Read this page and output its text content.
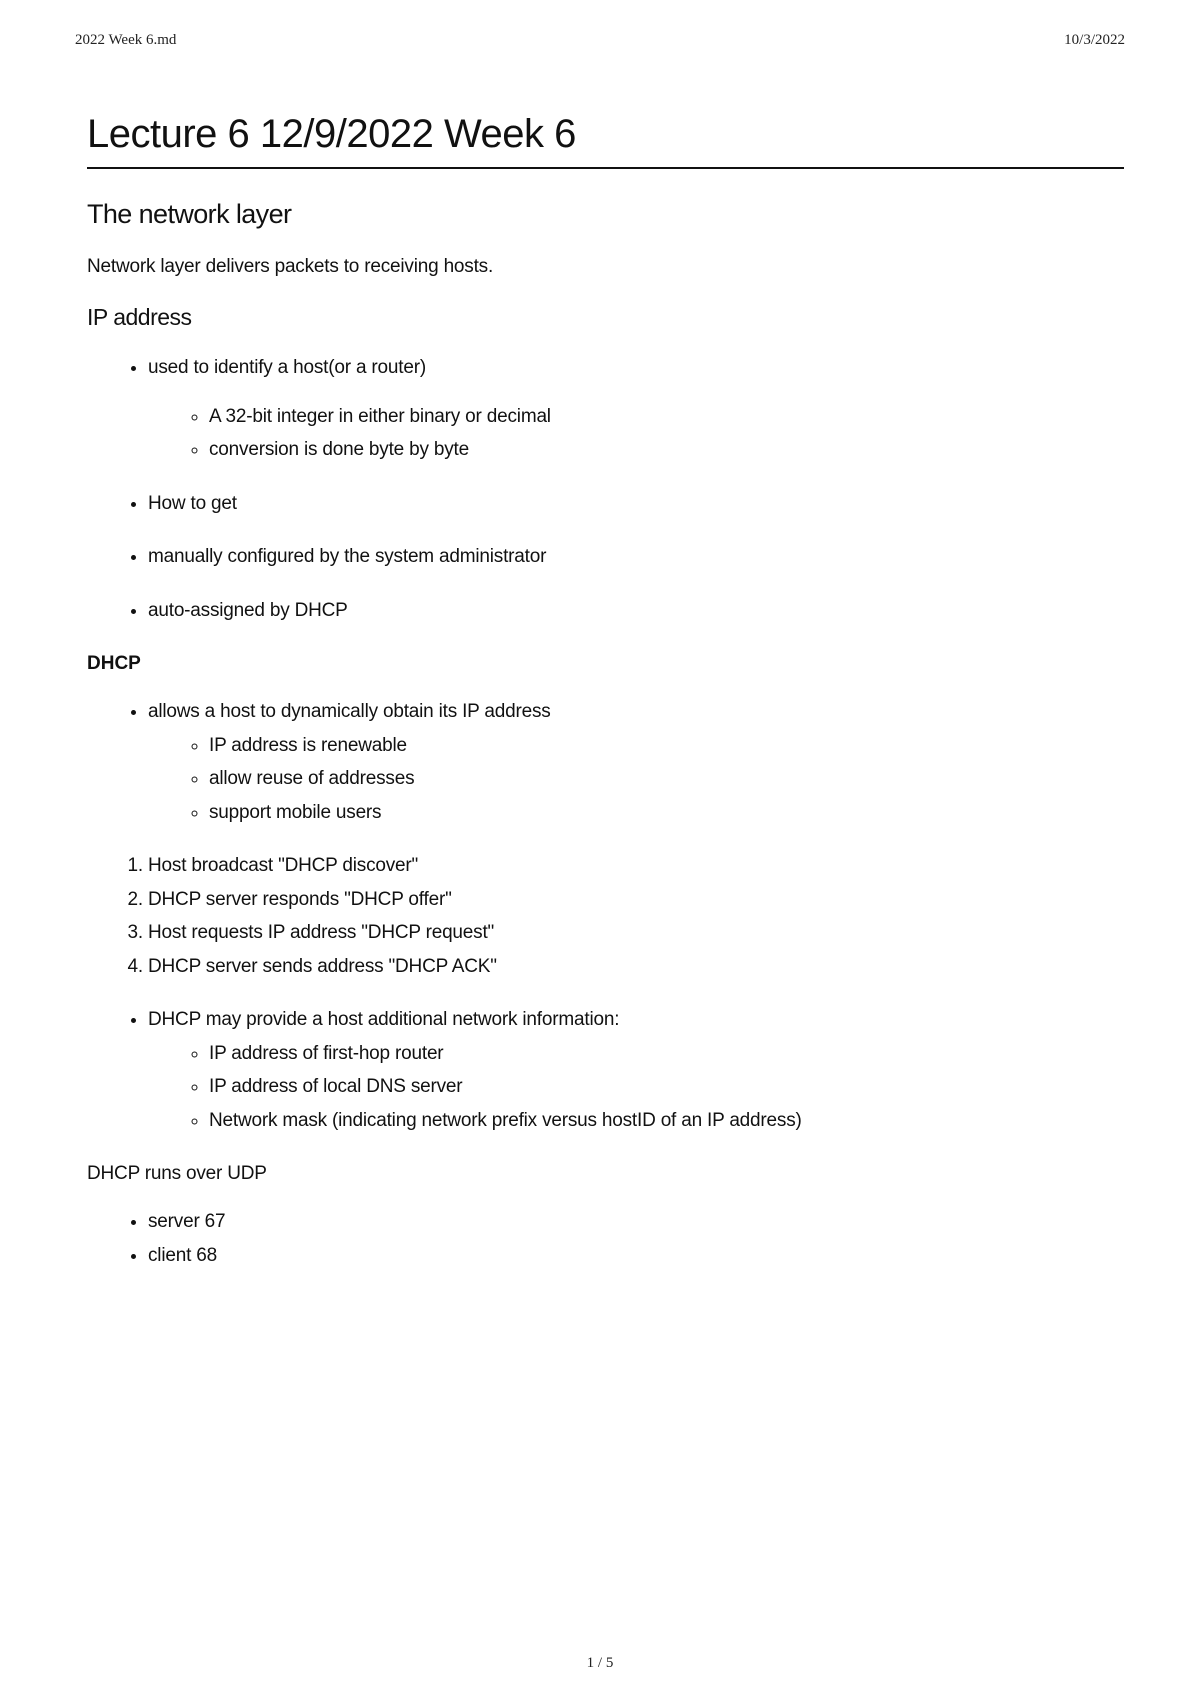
2022 Week 6.md	10/3/2022
Lecture 6 12/9/2022 Week 6
The network layer

Network layer delivers packets to receiving hosts.

IP address
• used to identify a host(or a router)
◦ A 32-bit integer in either binary or decimal
◦ conversion is done byte by byte
• How to get
• manually configured by the system administrator
• auto-assigned by DHCP
DHCP
• allows a host to dynamically obtain its IP address
◦ IP address is renewable
◦ allow reuse of addresses
◦ support mobile users
1. Host broadcast "DHCP discover"
2. DHCP server responds "DHCP offer"
3. Host requests IP address "DHCP request"
4. DHCP server sends address "DHCP ACK"
• DHCP may provide a host additional network information:
◦ IP address of first-hop router
◦ IP address of local DNS server
◦ Network mask (indicating network prefix versus hostID of an IP address)

DHCP runs over UDP

• server 67
• client 68
1 / 5
